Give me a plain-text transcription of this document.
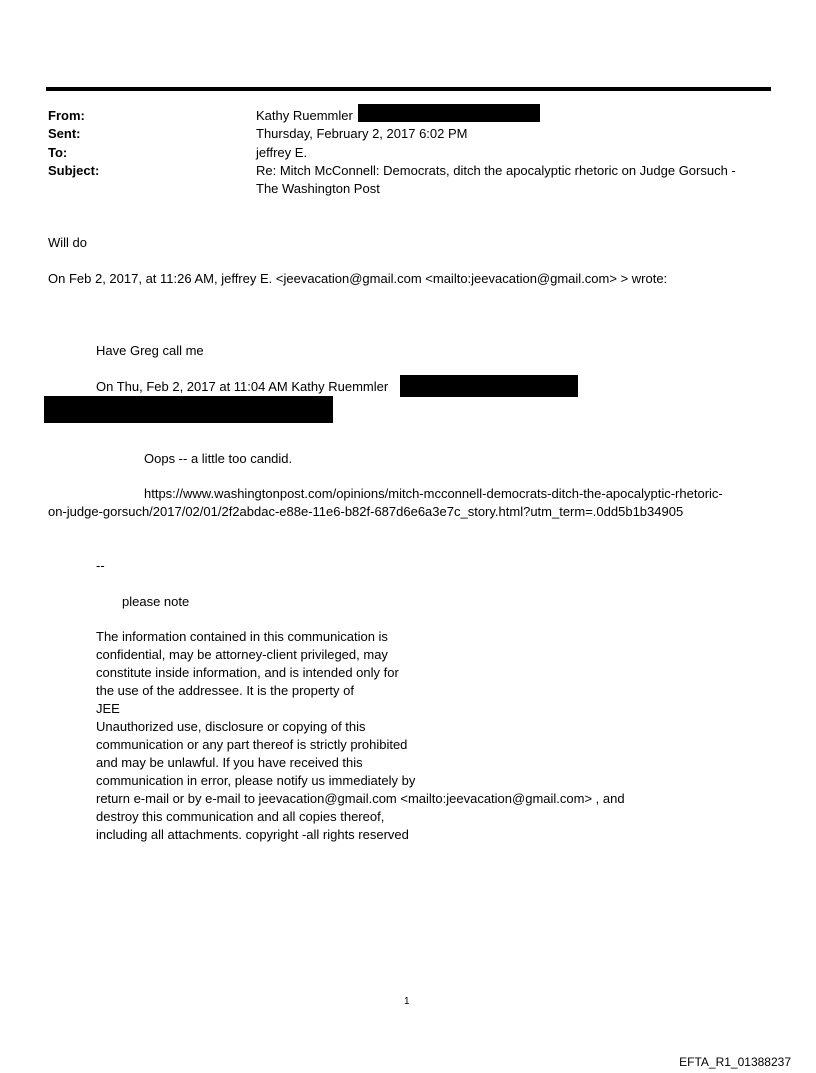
From:	Kathy Ruemmler
Sent:	Thursday, February 2, 2017 6:02 PM
To:	jeffrey E.
Subject:	Re: Mitch McConnell: Democrats, ditch the apocalyptic rhetoric on Judge Gorsuch -
The Washington Post
Will do
On Feb 2, 2017, at 11:26 AM, jeffrey E. <jeevacation@gmail.com <mailto:jeevacation@gmail.com> > wrote:
Have Greg call me
On Thu, Feb 2, 2017 at 11:04 AM Kathy Ruemmler
Oops -- a little too candid.
https://www.washingtonpost.com/opinions/mitch-mcconnell-democrats-ditch-the-apocalyptic-rhetoric-
on-judge-gorsuch/2017/02/01/2f2abdac-e88e-11e6-b82f-687d6e6a3e7c_story.html?utm_term=.0dd5b1b34905
--
please note
The information contained in this communication is
confidential, may be attorney-client privileged, may
constitute inside information, and is intended only for
the use of the addressee. It is the property of
JEE
Unauthorized use, disclosure or copying of this
communication or any part thereof is strictly prohibited
and may be unlawful. If you have received this
communication in error, please notify us immediately by
return e-mail or by e-mail to jeevacation@gmail.com <mailto:jeevacation@gmail.com> , and
destroy this communication and all copies thereof,
including all attachments. copyright -all rights reserved
1
EFTA_R1_01388237
